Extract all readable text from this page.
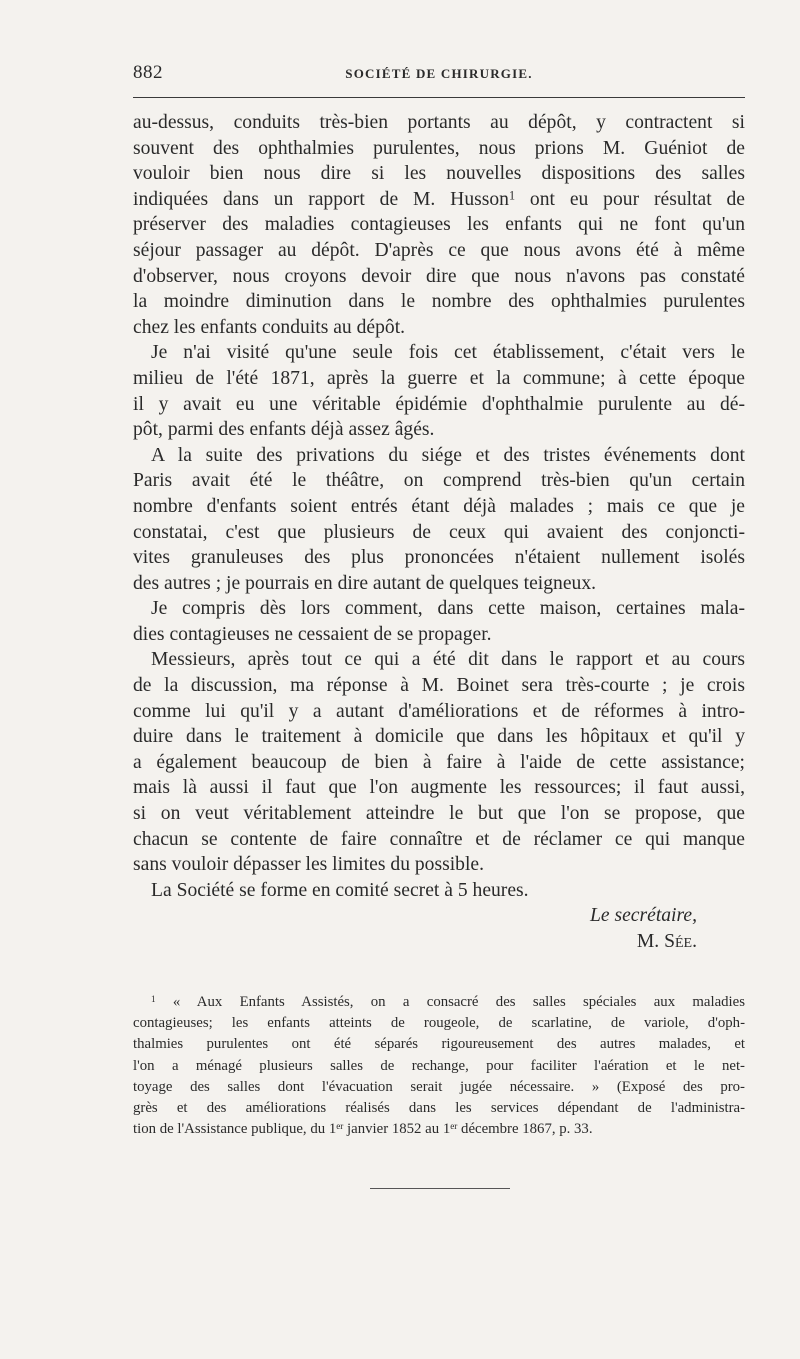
882	SOCIÉTÉ DE CHIRURGIE.
au-dessus, conduits très-bien portants au dépôt, y contractent si
souvent des ophthalmies purulentes, nous prions M. Guéniot de
vouloir bien nous dire si les nouvelles dispositions des salles
indiquées dans un rapport de M. Husson$^1$ ont eu pour résultat de
préserver des maladies contagieuses les enfants qui ne font qu'un
séjour passager au dépôt. D'après ce que nous avons été à même
d'observer, nous croyons devoir dire que nous n'avons pas constaté
la moindre diminution dans le nombre des ophthalmies purulentes
chez les enfants conduits au dépôt.
Je n'ai visité qu'une seule fois cet établissement, c'était vers le
milieu de l'été 1871, après la guerre et la commune; à cette époque
il y avait eu une véritable épidémie d'ophthalmie purulente au dé-
pôt, parmi des enfants déjà assez âgés.
A la suite des privations du siége et des tristes événements dont
Paris avait été le théâtre, on comprend très-bien qu'un certain
nombre d'enfants soient entrés étant déjà malades ; mais ce que je
constatai, c'est que plusieurs de ceux qui avaient des conjoncti-
vites granuleuses des plus prononcées n'étaient nullement isolés
des autres ; je pourrais en dire autant de quelques teigneux.
Je compris dès lors comment, dans cette maison, certaines mala-
dies contagieuses ne cessaient de se propager.
Messieurs, après tout ce qui a été dit dans le rapport et au cours
de la discussion, ma réponse à M. Boinet sera très-courte ; je crois
comme lui qu'il y a autant d'améliorations et de réformes à intro-
duire dans le traitement à domicile que dans les hôpitaux et qu'il y
a également beaucoup de bien à faire à l'aide de cette assistance;
mais là aussi il faut que l'on augmente les ressources; il faut aussi,
si on veut véritablement atteindre le but que l'on se propose, que
chacun se contente de faire connaître et de réclamer ce qui manque
sans vouloir dépasser les limites du possible.
La Société se forme en comité secret à 5 heures.
Le secrétaire,
M. Sée.
$^1$ « Aux Enfants Assistés, on a consacré des salles spéciales aux maladies
contagieuses; les enfants atteints de rougeole, de scarlatine, de variole, d'oph-
thalmies purulentes ont été séparés rigoureusement des autres malades, et
l'on a ménagé plusieurs salles de rechange, pour faciliter l'aération et le net-
toyage des salles dont l'évacuation serait jugée nécessaire. » (Exposé des pro-
grès et des améliorations réalisés dans les services dépendant de l'administra-
tion de l'Assistance publique, du 1er janvier 1852 au 1er décembre 1867, p. 33.
